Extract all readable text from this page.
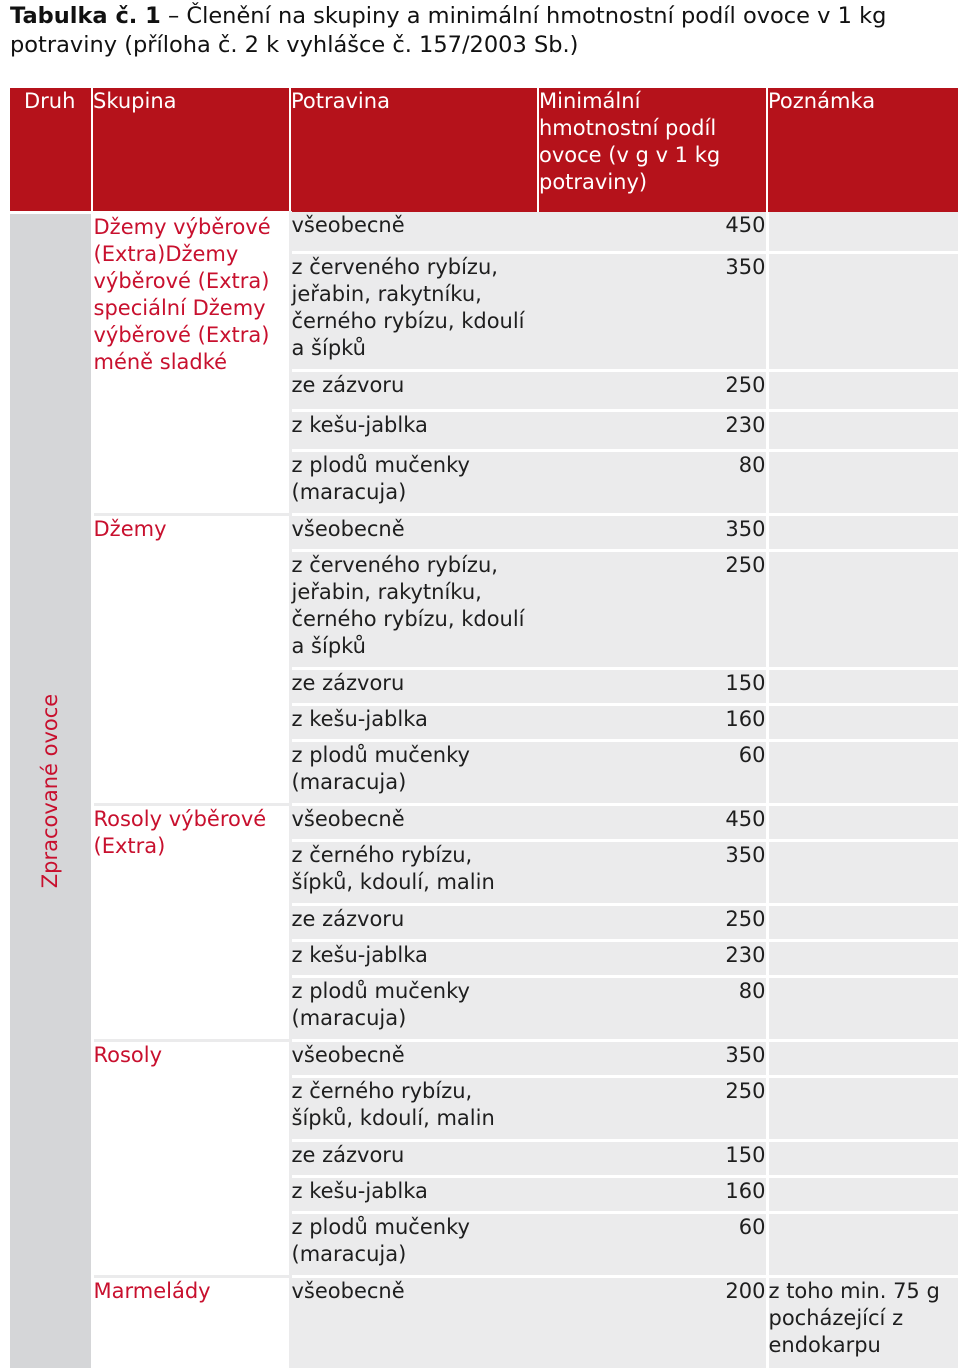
Tabulka č. 1 – Členění na skupiny a minimální hmotnostní podíl ovoce v 1 kg potraviny (příloha č. 2 k vyhlášce č. 157/2003 Sb.)
Druh	Skupina	Potravina	Minimální hmotnostní podíl ovoce (v g v 1 kg potraviny)	Poznámka

Zpracované ovoce	Džemy výběrové (Extra)Džemy výběrové (Extra) speciální Džemy výběrové (Extra) méně sladké	všeobecně	450	
		z červeného rybízu, jeřabin, rakytníku, černého rybízu, kdoulí a šípků	350	
		ze zázvoru	250	
		z kešu-jablka	230	
		z plodů mučenky (maracuja)	80	
	Džemy	všeobecně	350	
		z červeného rybízu, jeřabin, rakytníku, černého rybízu, kdoulí a šípků	250	
		ze zázvoru	150	
		z kešu-jablka	160	
		z plodů mučenky (maracuja)	60	
	Rosoly výběrové (Extra)	všeobecně	450	
		z černého rybízu, šípků, kdoulí, malin	350	
		ze zázvoru	250	
		z kešu-jablka	230	
		z plodů mučenky (maracuja)	80	
	Rosoly	všeobecně	350	
		z černého rybízu, šípků, kdoulí, malin	250	
		ze zázvoru	150	
		z kešu-jablka	160	
		z plodů mučenky (maracuja)	60	
	Marmelády	všeobecně	200	z toho min. 75 g pocházející z endokarpu
